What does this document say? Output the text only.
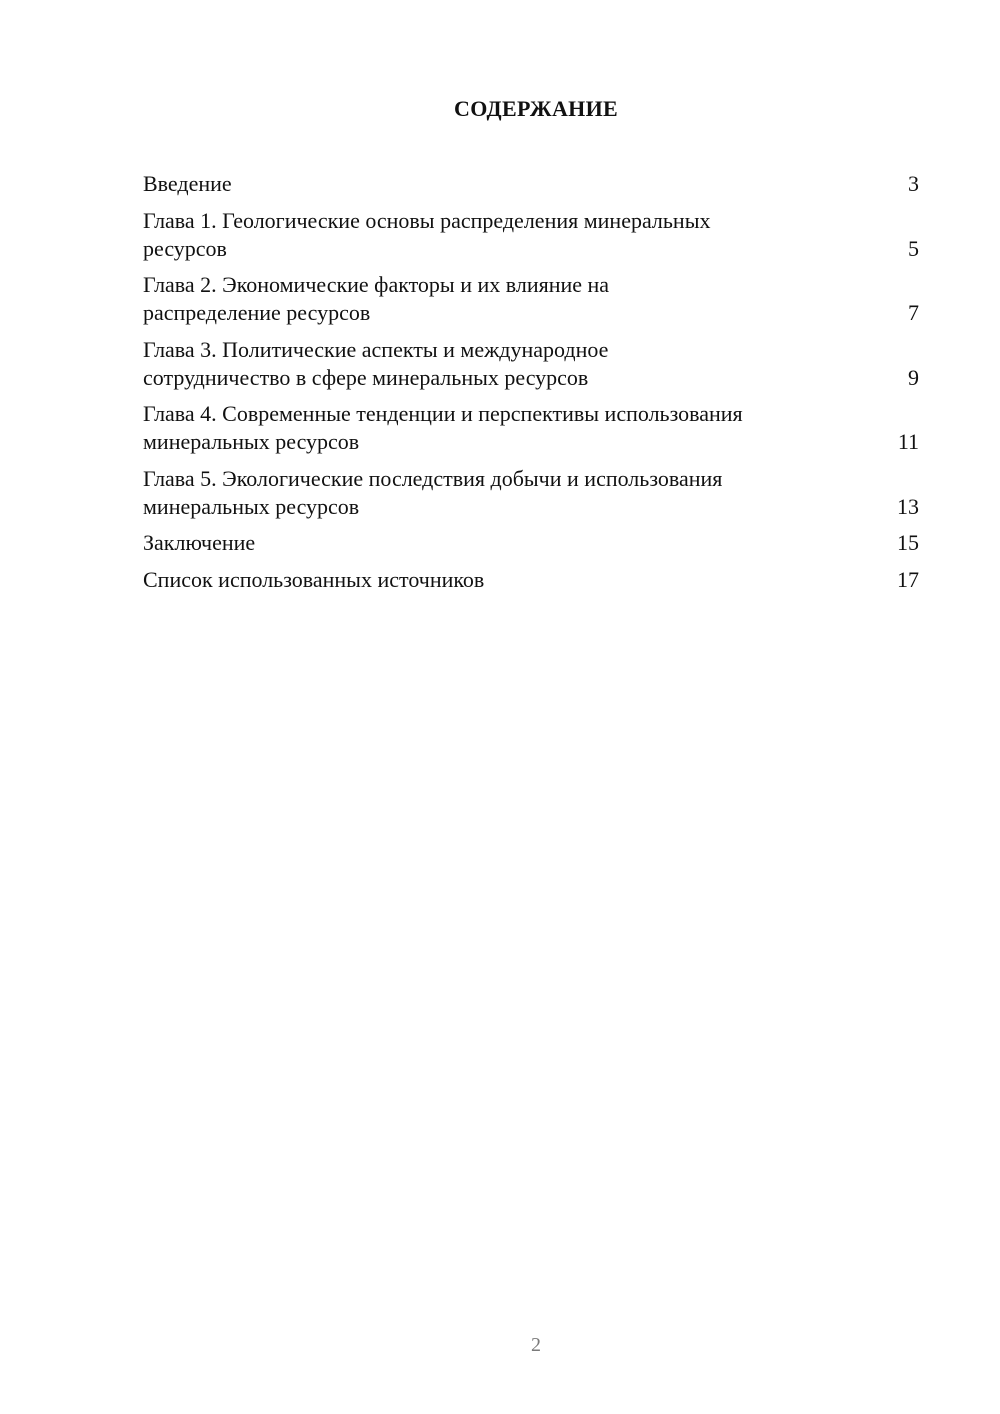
СОДЕРЖАНИЕ
Введение	3
Глава 1. Геологические основы распределения минеральных
ресурсов	5
Глава 2. Экономические факторы и их влияние на
распределение ресурсов	7
Глава 3. Политические аспекты и международное
сотрудничество в сфере минеральных ресурсов	9
Глава 4. Современные тенденции и перспективы использования
минеральных ресурсов	11
Глава 5. Экологические последствия добычи и использования
минеральных ресурсов	13
Заключение	15
Список использованных источников	17
2
